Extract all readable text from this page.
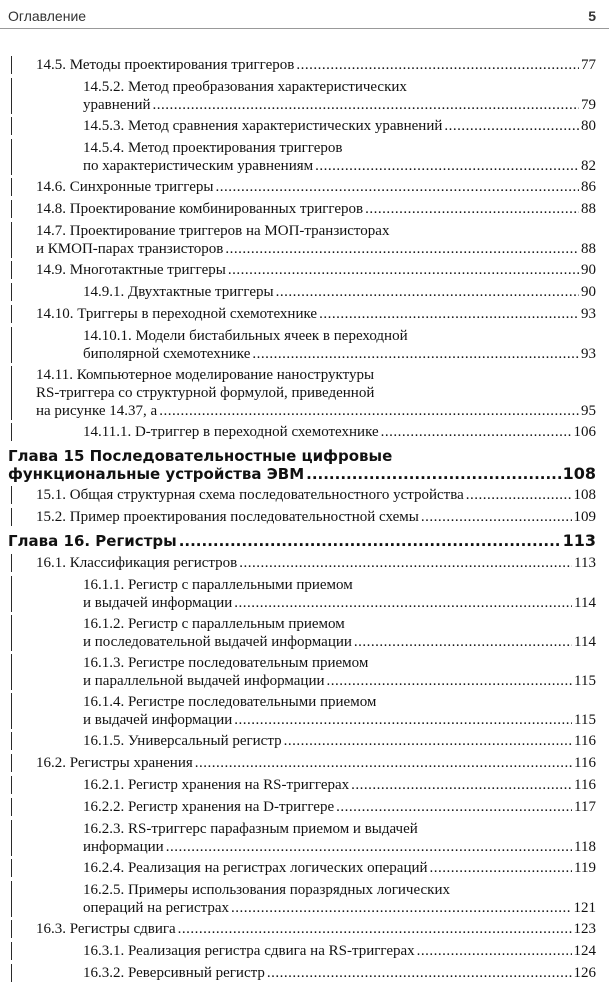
Оглавление	5
14.5. Методы проектирования триггеров .....	77
14.5.2. Метод преобразования характеристических
уравнений .....	79
14.5.3. Метод сравнения характеристических уравнений .....	80
14.5.4. Метод проектирования триггеров
по характеристическим уравнениям .....	82
14.6. Синхронные триггеры .....	86
14.8. Проектирование комбинированных триггеров .....	88
14.7. Проектирование триггеров на МОП-транзисторах
и КМОП-парах транзисторов .....	88
14.9. Многотактные триггеры .....	90
14.9.1. Двухтактные триггеры .....	90
14.10. Триггеры в переходной схемотехнике .....	93
14.10.1. Модели бистабильных ячеек в переходной
биполярной схемотехнике .....	93
14.11. Компьютерное моделирование наноструктуры
RS-триггера со структурной формулой, приведенной
на рисунке 14.37, а .....	95
14.11.1. D-триггер в переходной схемотехнике .....	106
Глава 15 Последовательностные цифровые
функциональные устройства ЭВМ .....	108
15.1. Общая структурная схема последовательностного устройства .....	108
15.2. Пример проектирования последовательностной схемы .....	109
Глава 16. Регистры .....	113
16.1. Классификация регистров .....	113
16.1.1. Регистр с параллельными приемом
и выдачей информации .....	114
16.1.2. Регистр с параллельным приемом
и последовательной выдачей информации .....	114
16.1.3. Регистре последовательным приемом
и параллельной выдачей информации .....	115
16.1.4. Регистре последовательными приемом
и выдачей информации .....	115
16.1.5. Универсальный регистр .....	116
16.2. Регистры хранения .....	116
16.2.1. Регистр хранения на RS-триггерах .....	116
16.2.2. Регистр хранения на D-триггере .....	117
16.2.3. RS-триггерс парафазным приемом и выдачей
информации .....	118
16.2.4. Реализация на регистрах логических операций .....	119
16.2.5. Примеры использования поразрядных логических
операций на регистрах .....	121
16.3. Регистры сдвига .....	123
16.3.1. Реализация регистра сдвига на RS-триггерах .....	124
16.3.2. Реверсивный регистр .....	126
